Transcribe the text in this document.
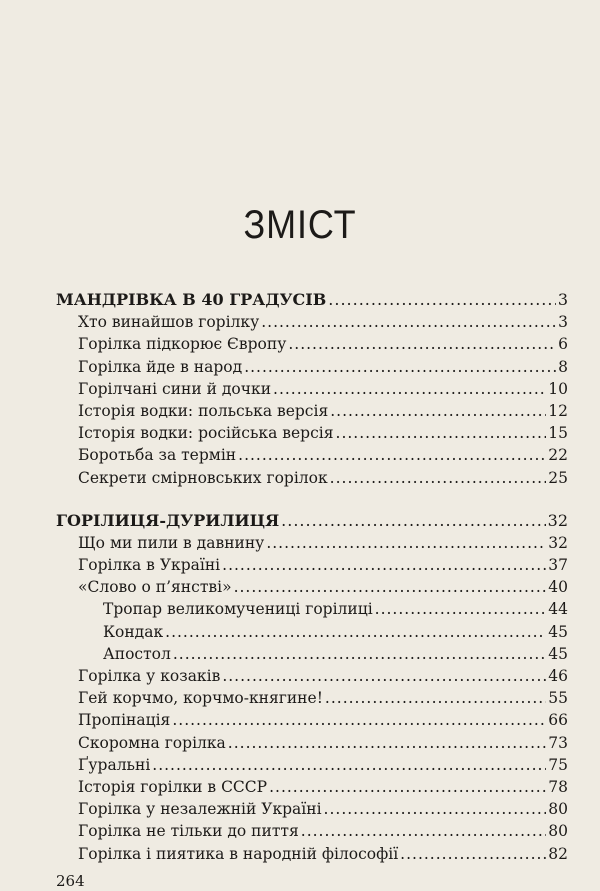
ЗМІСТ
МАНДРІВКА В 40 ГРАДУСІВ .....	3
Хто винайшов горілку .....	3
Горілка підкорює Європу .....	6
Горілка йде в народ .....	8
Горілчані сини й дочки .....	10
Історія водки: польська версія .....	12
Історія водки: російська версія .....	15
Боротьба за термін .....	22
Секрети смірновських горілок .....	25
ГОРІЛИЦЯ-ДУРИЛИЦЯ .....	32
Що ми пили в давнину .....	32
Горілка в Україні .....	37
«Слово о п’янстві» .....	40
Тропар великомучениці горілиці .....	44
Кондак .....	45
Апостол .....	45
Горілка у козаків .....	46
Гей корчмо, корчмо-княгине! .....	55
Пропінація .....	66
Скоромна горілка .....	73
Ґуральні .....	75
Історія горілки в СССР .....	78
Горілка у незалежній Україні .....	80
Горілка не тільки до пиття .....	80
Горілка і пиятика в народній філософії .....	82
264
